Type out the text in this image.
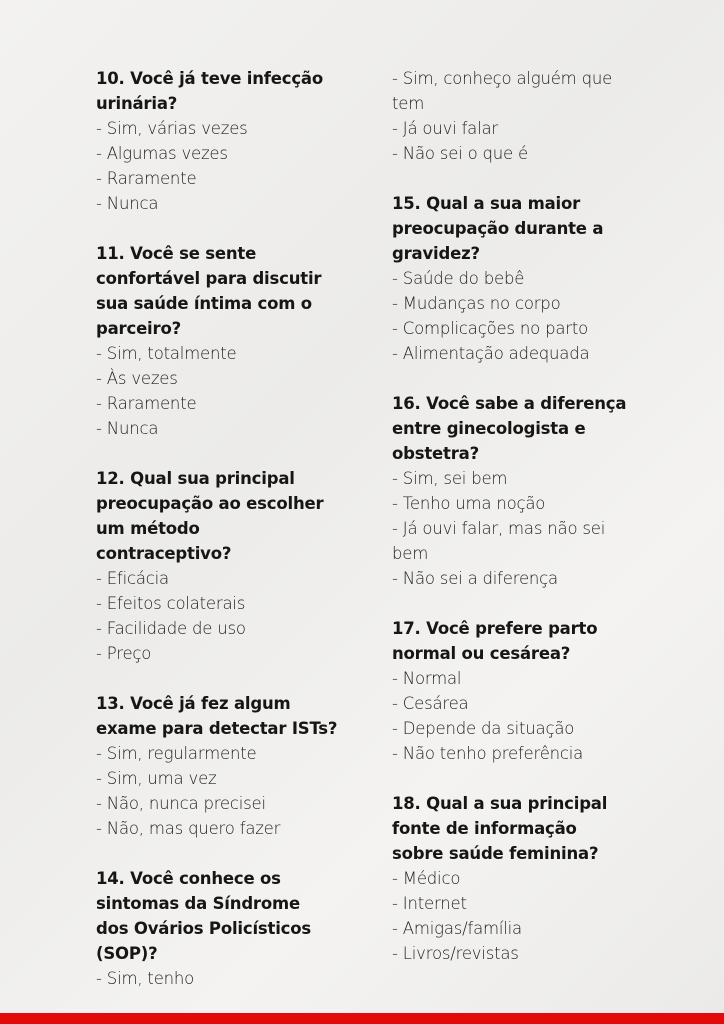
10. Você já teve infecção
urinária?
- Sim, várias vezes
- Algumas vezes
- Raramente
- Nunca
11. Você se sente
confortável para discutir
sua saúde íntima com o
parceiro?
- Sim, totalmente
- Às vezes
- Raramente
- Nunca
12. Qual sua principal
preocupação ao escolher
um método
contraceptivo?
- Eficácia
- Efeitos colaterais
- Facilidade de uso
- Preço
13. Você já fez algum
exame para detectar ISTs?
- Sim, regularmente
- Sim, uma vez
- Não, nunca precisei
- Não, mas quero fazer
14. Você conhece os
sintomas da Síndrome
dos Ovários Policísticos
(SOP)?
- Sim, tenho
- Sim, conheço alguém que
tem
- Já ouvi falar
- Não sei o que é
15. Qual a sua maior
preocupação durante a
gravidez?
- Saúde do bebê
- Mudanças no corpo
- Complicações no parto
- Alimentação adequada
16. Você sabe a diferença
entre ginecologista e
obstetra?
- Sim, sei bem
- Tenho uma noção
- Já ouvi falar, mas não sei
bem
- Não sei a diferença
17. Você prefere parto
normal ou cesárea?
- Normal
- Cesárea
- Depende da situação
- Não tenho preferência
18. Qual a sua principal
fonte de informação
sobre saúde feminina?
- Médico
- Internet
- Amigas/família
- Livros/revistas
